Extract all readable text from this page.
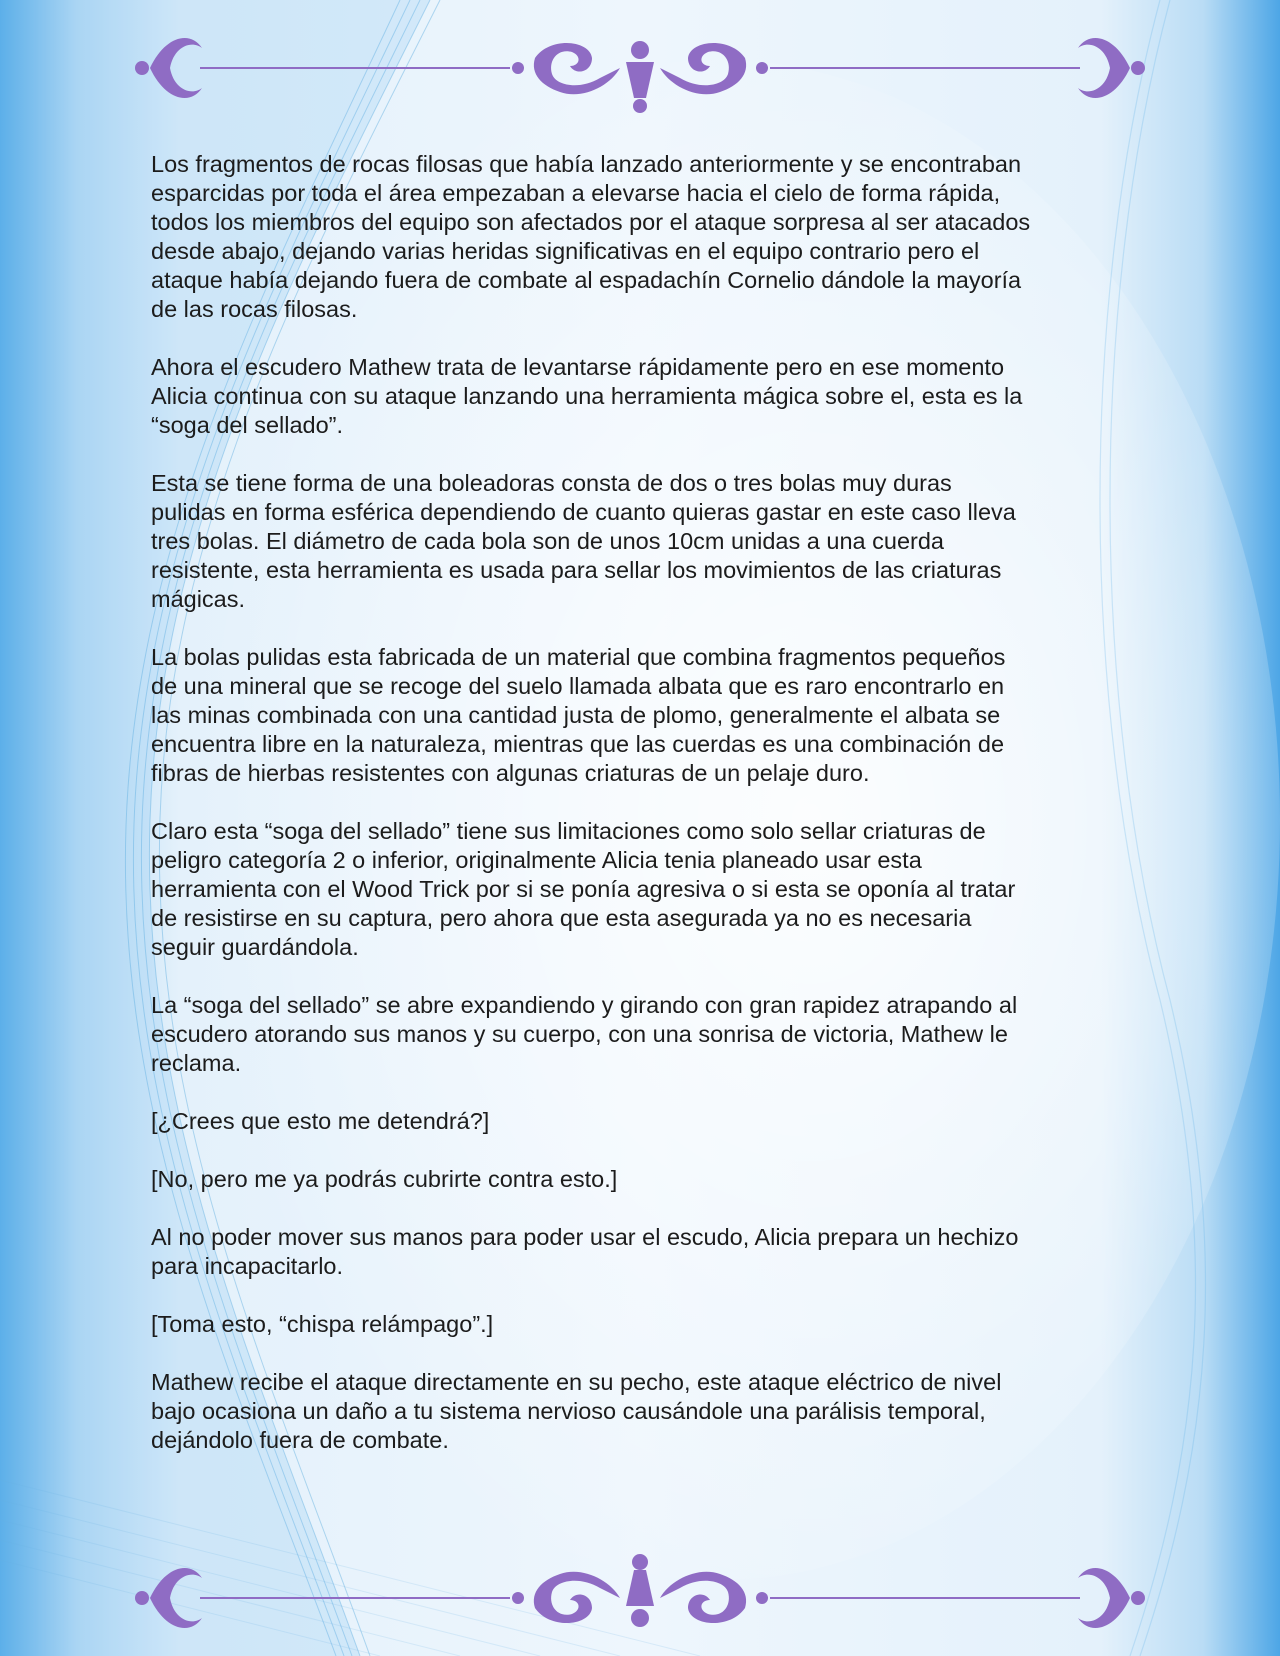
Los fragmentos de rocas filosas que había lanzado anteriormente y se encontraban
esparcidas por toda el área empezaban a elevarse hacia el cielo de forma rápida,
todos los miembros del equipo son afectados por el ataque sorpresa al ser atacados
desde abajo, dejando varias heridas significativas en el equipo contrario pero el
ataque había dejando fuera de combate al espadachín Cornelio dándole la mayoría
de las rocas filosas.

Ahora el escudero Mathew trata de levantarse rápidamente pero en ese momento
Alicia continua con su ataque lanzando una herramienta mágica sobre el, esta es la
“soga del sellado”.

Esta se tiene forma de una boleadoras consta de dos o tres bolas muy duras
pulidas en forma esférica dependiendo de cuanto quieras gastar en este caso lleva
tres bolas. El diámetro de cada bola son de unos 10cm unidas a una cuerda
resistente, esta herramienta es usada para sellar los movimientos de las criaturas
mágicas.

La bolas pulidas esta fabricada de un material que combina fragmentos pequeños
de una mineral que se recoge del suelo llamada albata que es raro encontrarlo en
las minas combinada con una cantidad justa de plomo, generalmente el albata se
encuentra libre en la naturaleza, mientras que las cuerdas es una combinación de
fibras de hierbas resistentes con algunas criaturas de un pelaje duro.

Claro esta “soga del sellado” tiene sus limitaciones como solo sellar criaturas de
peligro categoría 2 o inferior, originalmente Alicia tenia planeado usar esta
herramienta con el Wood Trick por si se ponía agresiva o si esta se oponía al tratar
de resistirse en su captura, pero ahora que esta asegurada ya no es necesaria
seguir guardándola.

La “soga del sellado” se abre expandiendo y girando con gran rapidez atrapando al
escudero atorando sus manos y su cuerpo, con una sonrisa de victoria, Mathew le
reclama.

[¿Crees que esto me detendrá?]

[No, pero me ya podrás cubrirte contra esto.]

Al no poder mover sus manos para poder usar el escudo, Alicia prepara un hechizo
para incapacitarlo.

[Toma esto, “chispa relámpago”.]

Mathew recibe el ataque directamente en su pecho, este ataque eléctrico de nivel
bajo ocasiona un daño a tu sistema nervioso causándole una parálisis temporal,
dejándolo fuera de combate.
